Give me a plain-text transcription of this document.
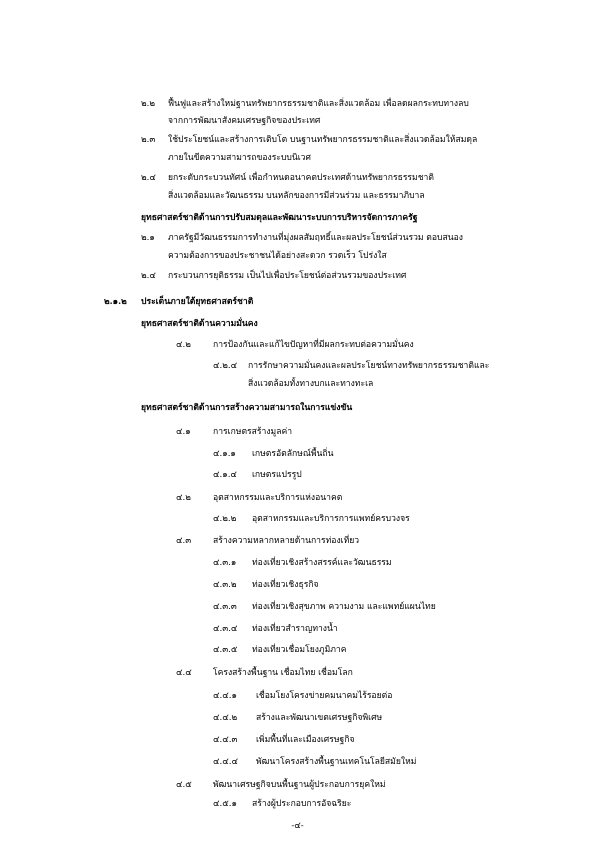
๒.๒ ฟื้นฟูและสร้างใหม่ฐานทรัพยากรธรรมชาติและสิ่งแวดล้อม เพื่อลดผลกระทบทางลบ
จากการพัฒนาสังคมเศรษฐกิจของประเทศ
๒.๓ ใช้ประโยชน์และสร้างการเติบโต บนฐานทรัพยากรธรรมชาติและสิ่งแวดล้อมให้สมดุล
ภายในขีดความสามารถของระบบนิเวศ
๒.๔ ยกระดับกระบวนทัศน์ เพื่อกำหนดอนาคตประเทศด้านทรัพยากรธรรมชาติ
สิ่งแวดล้อมและวัฒนธรรม บนหลักของการมีส่วนร่วม และธรรมาภิบาล
ยุทธศาสตร์ชาติด้านการปรับสมดุลและพัฒนาระบบการบริหารจัดการภาครัฐ
๒.๑ ภาครัฐมีวัฒนธรรมการทำงานที่มุ่งผลสัมฤทธิ์และผลประโยชน์ส่วนรวม ตอบสนอง
ความต้องการของประชาชนได้อย่างสะดวก รวดเร็ว โปร่งใส
๒.๔ กระบวนการยุติธรรม เป็นไปเพื่อประโยชน์ต่อส่วนรวมของประเทศ
๒.๑.๒ ประเด็นภายใต้ยุทธศาสตร์ชาติ
ยุทธศาสตร์ชาติด้านความมั่นคง
๔.๒	การป้องกันและแก้ไขปัญหาที่มีผลกระทบต่อความมั่นคง
๔.๒.๔ การรักษาความมั่นคงและผลประโยชน์ทางทรัพยากรธรรมชาติและ
สิ่งแวดล้อมทั้งทางบกและทางทะเล
ยุทธศาสตร์ชาติด้านการสร้างความสามารถในการแข่งขัน
๔.๑	การเกษตรสร้างมูลค่า
๔.๑.๑ เกษตรอัตลักษณ์พื้นถิ่น
๔.๑.๔ เกษตรแปรรูป
๔.๒	อุตสาหกรรมและบริการแห่งอนาคต
๔.๒.๒ อุตสาหกรรมและบริการการแพทย์ครบวงจร
๔.๓	สร้างความหลากหลายด้านการท่องเที่ยว
๔.๓.๑ ท่องเที่ยวเชิงสร้างสรรค์และวัฒนธรรม
๔.๓.๒ ท่องเที่ยวเชิงธุรกิจ
๔.๓.๓ ท่องเที่ยวเชิงสุขภาพ ความงาม และแพทย์แผนไทย
๔.๓.๔ ท่องเที่ยวสำราญทางน้ำ
๔.๓.๕ ท่องเที่ยวเชื่อมโยงภูมิภาค
๔.๔ โครงสร้างพื้นฐาน เชื่อมไทย เชื่อมโลก
๔.๔.๑ เชื่อมโยงโครงข่ายคมนาคมไร้รอยต่อ
๔.๔.๒ สร้างและพัฒนาเขตเศรษฐกิจพิเศษ
๔.๔.๓ เพิ่มพื้นที่และเมืองเศรษฐกิจ
๔.๔.๔ พัฒนาโครงสร้างพื้นฐานเทคโนโลยีสมัยใหม่
๔.๕ พัฒนาเศรษฐกิจบนพื้นฐานผู้ประกอบการยุคใหม่
๔.๕.๑ สร้างผู้ประกอบการอัจฉริยะ
-๔-
